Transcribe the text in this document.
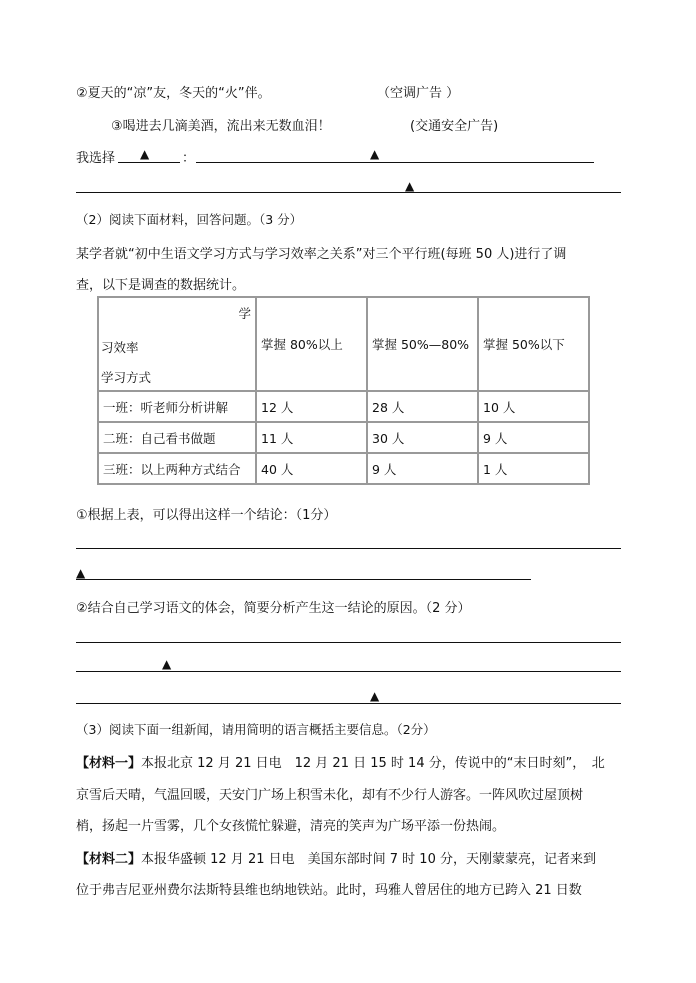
②夏天的“凉”友，冬天的“火”伴。	（空调广告 ）
③喝进去几滴美酒，流出来无数血泪！	(交通安全广告)
我选择 ▲	：	▲
▲
（2）阅读下面材料，回答问题。（3 分）
某学者就“初中生语文学习方式与学习效率之关系”对三个平行班(每班 50 人)进行了调
查，以下是调查的数据统计。
学
习效率
学习方式	掌握 80%以上	掌握 50%—80%	掌握 50%以下
一班：听老师分析讲解	12 人	28 人	10 人
二班：自己看书做题	11 人	30 人	9 人
三班：以上两种方式结合	40 人	9 人	1 人
①根据上表，可以得出这样一个结论：（1分）
▲
②结合自己学习语文的体会，简要分析产生这一结论的原因。（2 分）
▲
▲
（3）阅读下面一组新闻，请用简明的语言概括主要信息。（2分）
【材料一】本报北京 12 月 21 日电　12 月 21 日 15 时 14 分，传说中的“末日时刻”，　北
京雪后天晴，气温回暖，天安门广场上积雪未化，却有不少行人游客。一阵风吹过屋顶树
梢，扬起一片雪雾，几个女孩慌忙躲避，清亮的笑声为广场平添一份热闹。
【材料二】本报华盛顿 12 月 21 日电　美国东部时间 7 时 10 分，天刚蒙蒙亮，记者来到
位于弗吉尼亚州费尔法斯特县维也纳地铁站。此时，玛雅人曾居住的地方已跨入 21 日数
